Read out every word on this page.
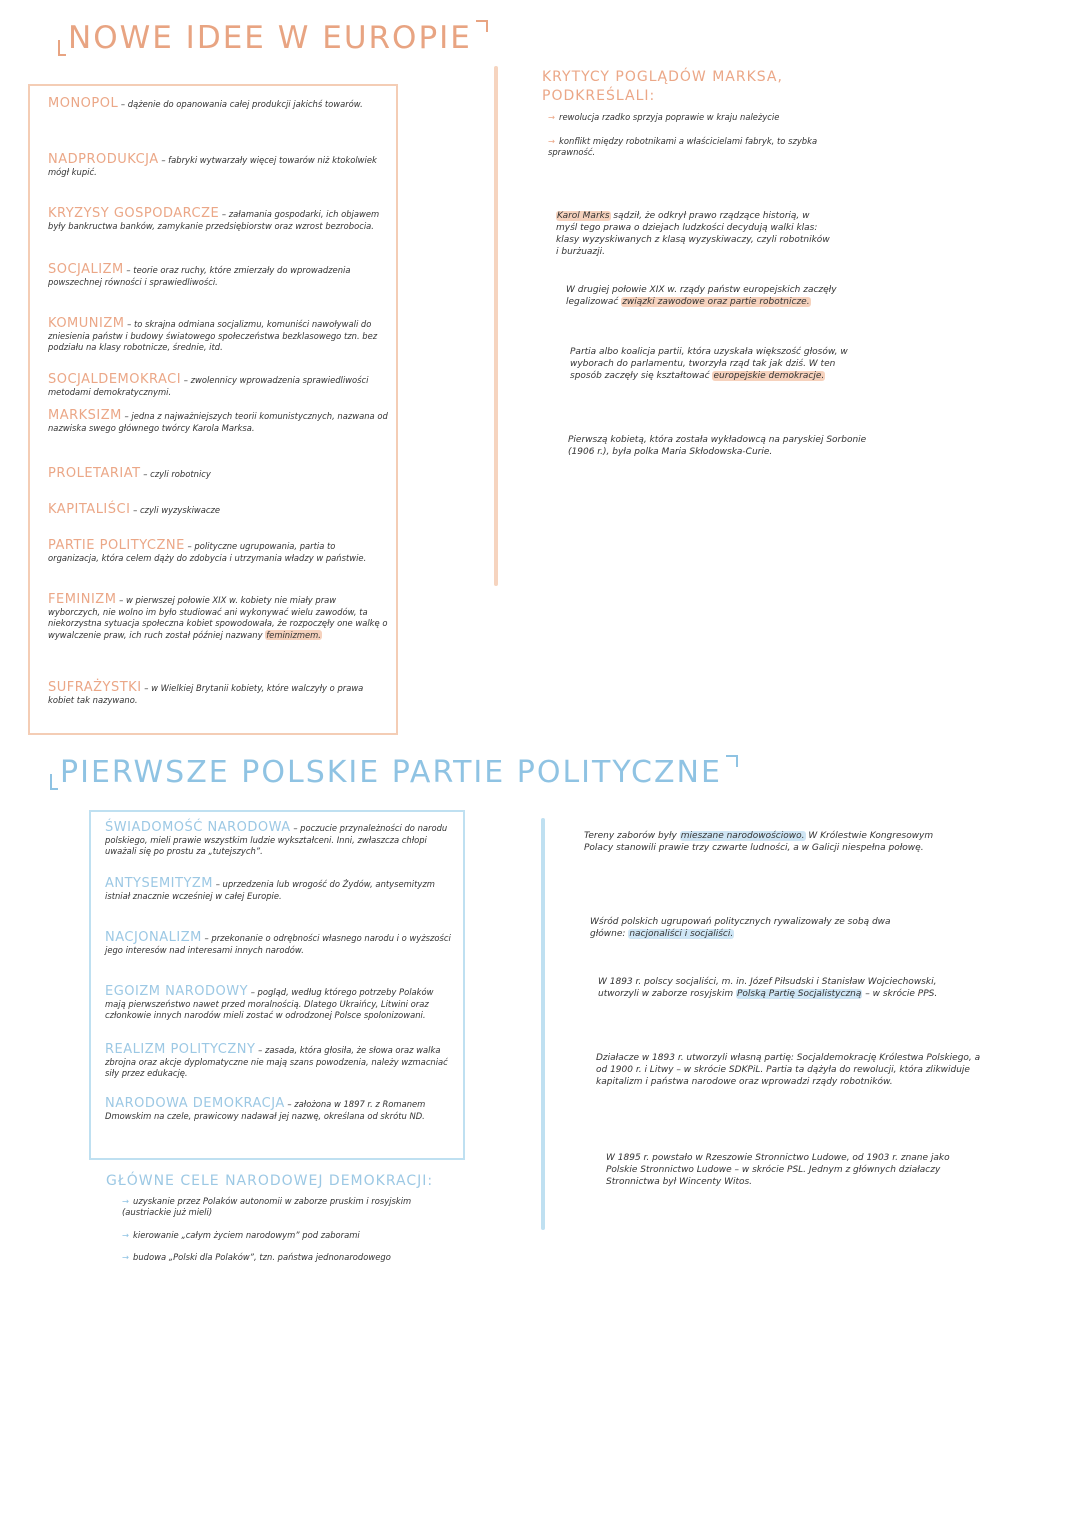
NOWE IDEE W EUROPIE
MONOPOL – dążenie do opanowania całej produkcji jakichś towarów.
NADPRODUKCJA – fabryki wytwarzały więcej towarów niż ktokolwiek mógł kupić.
KRYZYSY GOSPODARCZE – załamania gospodarki, ich objawem były bankructwa banków, zamykanie przedsiębiorstw oraz wzrost bezrobocia.
SOCJALIZM – teorie oraz ruchy, które zmierzały do wprowadzenia powszechnej równości i sprawiedliwości.
KOMUNIZM – to skrajna odmiana socjalizmu, komuniści nawoływali do zniesienia państw i budowy światowego społeczeństwa bezklasowego tzn. bez podziału na klasy robotnicze, średnie, itd.
SOCJALDEMOKRACI – zwolennicy wprowadzenia sprawiedliwości metodami demokratycznymi.
MARKSIZM – jedna z najważniejszych teorii komunistycznych, nazwana od nazwiska swego głównego twórcy Karola Marksa.
PROLETARIAT – czyli robotnicy
KAPITALIŚCI – czyli wyzyskiwacze
PARTIE POLITYCZNE – polityczne ugrupowania, partia to organizacja, która celem dąży do zdobycia i utrzymania władzy w państwie.
FEMINIZM – w pierwszej połowie XIX w. kobiety nie miały praw wyborczych, nie wolno im było studiować ani wykonywać wielu zawodów, ta niekorzystna sytuacja społeczna kobiet spowodowała, że rozpoczęły one walkę o wywalczenie praw, ich ruch został później nazwany feminizmem.
SUFRAŻYSTKI – w Wielkiej Brytanii kobiety, które walczyły o prawa kobiet tak nazywano.
KRYTYCY POGLĄDÓW MARKSA, PODKREŚLALI:
→ rewolucja rzadko sprzyja poprawie w kraju należycie
→ konflikt między robotnikami a właścicielami fabryk, to szybka sprawność.
Karol Marks sądził, że odkrył prawo rządzące historią, w myśl tego prawa o dziejach ludzkości decydują walki klas: klasy wyzyskiwanych z klasą wyzyskiwaczy, czyli robotników i burżuazji.
W drugiej połowie XIX w. rządy państw europejskich zaczęły legalizować związki zawodowe oraz partie robotnicze.
Partia albo koalicja partii, która uzyskała większość głosów, w wyborach do parlamentu, tworzyła rząd tak jak dziś. W ten sposób zaczęły się kształtować europejskie demokracje.
Pierwszą kobietą, która została wykładowcą na paryskiej Sorbonie (1906 r.), była polka Maria Skłodowska-Curie.
PIERWSZE POLSKIE PARTIE POLITYCZNE
ŚWIADOMOŚĆ NARODOWA – poczucie przynależności do narodu polskiego, mieli prawie wszystkim ludzie wykształceni. Inni, zwłaszcza chłopi uważali się po prostu za „tutejszych”.
ANTYSEMITYZM – uprzedzenia lub wrogość do Żydów, antysemityzm istniał znacznie wcześniej w całej Europie.
NACJONALIZM – przekonanie o odrębności własnego narodu i o wyższości jego interesów nad interesami innych narodów.
EGOIZM NARODOWY – pogląd, według którego potrzeby Polaków mają pierwszeństwo nawet przed moralnością. Dlatego Ukraińcy, Litwini oraz członkowie innych narodów mieli zostać w odrodzonej Polsce spolonizowani.
REALIZM POLITYCZNY – zasada, która głosiła, że słowa oraz walka zbrojna oraz akcje dyplomatyczne nie mają szans powodzenia, należy wzmacniać siły przez edukację.
NARODOWA DEMOKRACJA – założona w 1897 r. z Romanem Dmowskim na czele, prawicowy nadawał jej nazwę, określana od skrótu ND.
GŁÓWNE CELE NARODOWEJ DEMOKRACJI:
→ uzyskanie przez Polaków autonomii w zaborze pruskim i rosyjskim (austriackie już mieli)
→ kierowanie „całym życiem narodowym” pod zaborami
→ budowa „Polski dla Polaków”, tzn. państwa jednonarodowego
Tereny zaborów były mieszane narodowościowo. W Królestwie Kongresowym Polacy stanowili prawie trzy czwarte ludności, a w Galicji niespełna połowę.
Wśród polskich ugrupowań politycznych rywalizowały ze sobą dwa główne: nacjonaliści i socjaliści.
W 1893 r. polscy socjaliści, m. in. Józef Piłsudski i Stanisław Wojciechowski, utworzyli w zaborze rosyjskim Polską Partię Socjalistyczną – w skrócie PPS.
Działacze w 1893 r. utworzyli własną partię: Socjaldemokrację Królestwa Polskiego, a od 1900 r. i Litwy – w skrócie SDKPiL. Partia ta dążyła do rewolucji, która zlikwiduje kapitalizm i państwa narodowe oraz wprowadzi rządy robotników.
W 1895 r. powstało w Rzeszowie Stronnictwo Ludowe, od 1903 r. znane jako Polskie Stronnictwo Ludowe – w skrócie PSL. Jednym z głównych działaczy Stronnictwa był Wincenty Witos.
